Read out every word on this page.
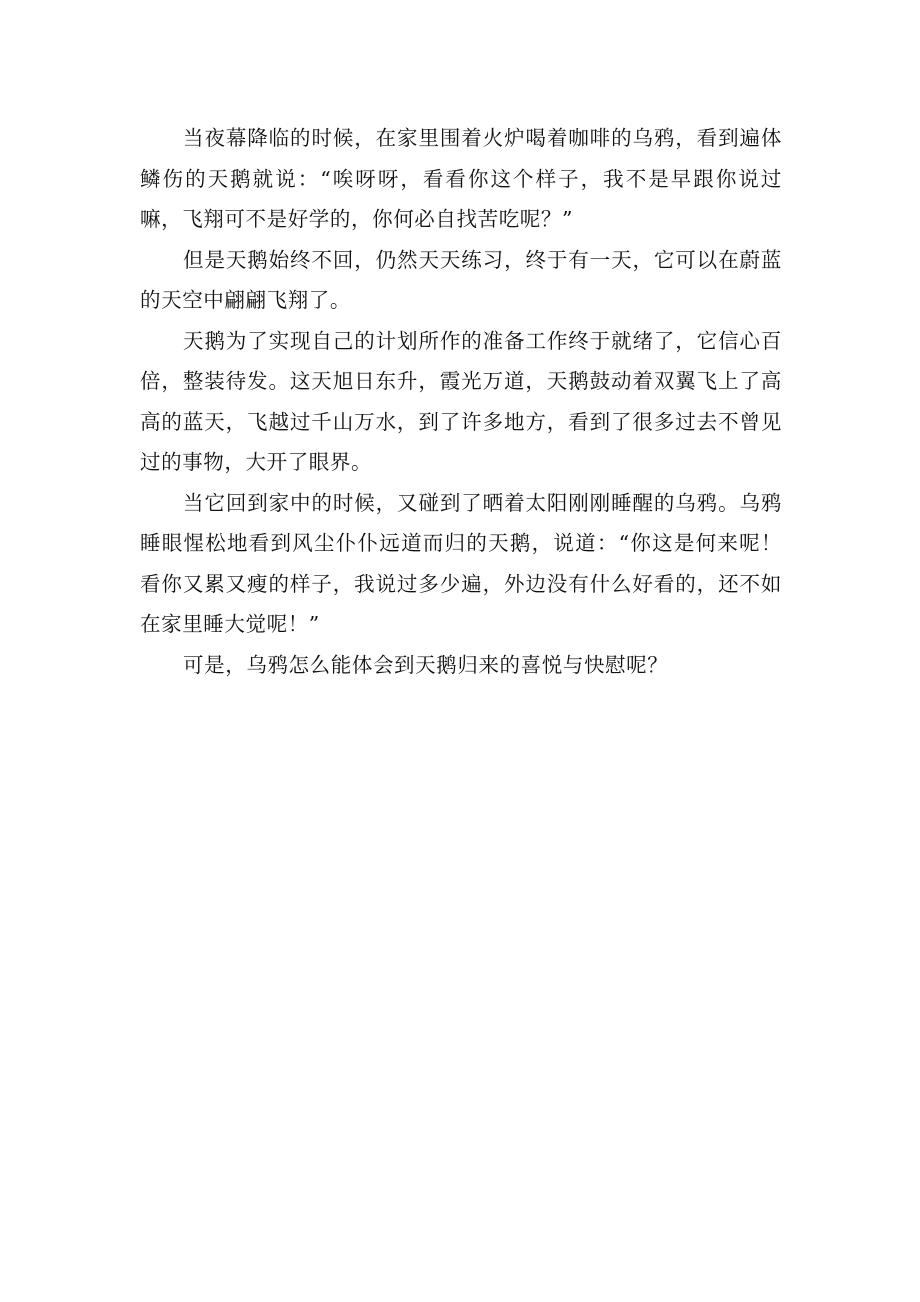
当夜幕降临的时候，在家里围着火炉喝着咖啡的乌鸦，看到遍体鳞伤的天鹅就说：“唉呀呀，看看你这个样子，我不是早跟你说过嘛，飞翔可不是好学的，你何必自找苦吃呢？”

但是天鹅始终不回，仍然天天练习，终于有一天，它可以在蔚蓝的天空中翩翩飞翔了。

天鹅为了实现自己的计划所作的准备工作终于就绪了，它信心百倍，整装待发。这天旭日东升，霞光万道，天鹅鼓动着双翼飞上了高高的蓝天，飞越过千山万水，到了许多地方，看到了很多过去不曾见过的事物，大开了眼界。

当它回到家中的时候，又碰到了晒着太阳刚刚睡醒的乌鸦。乌鸦睡眼惺松地看到风尘仆仆远道而归的天鹅，说道：“你这是何来呢！看你又累又瘦的样子，我说过多少遍，外边没有什么好看的，还不如在家里睡大觉呢！”

可是，乌鸦怎么能体会到天鹅归来的喜悦与快慰呢？
